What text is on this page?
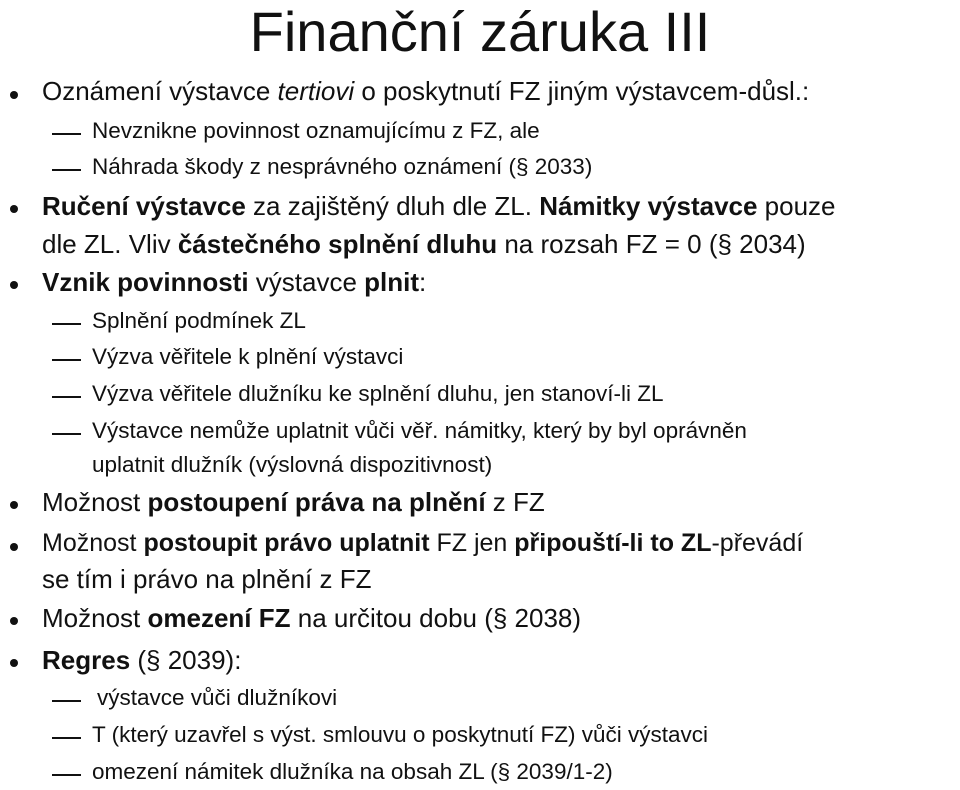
Finanční záruka III
Oznámení výstavce tertiovi o poskytnutí FZ jiným výstavcem-důsl.:
Nevznikne povinnost oznamujícímu z FZ, ale
Náhrada škody z nesprávného oznámení (§ 2033)
Ručení výstavce za zajištěný dluh dle ZL. Námitky výstavce pouze
dle ZL. Vliv částečného splnění dluhu na rozsah FZ = 0 (§ 2034)
Vznik povinnosti výstavce plnit:
Splnění podmínek ZL
Výzva věřitele k plnění výstavci
Výzva věřitele dlužníku ke splnění dluhu, jen stanoví-li ZL
Výstavce nemůže uplatnit vůči věř. námitky, který by byl oprávněn
uplatnit dlužník (výslovná dispozitivnost)
Možnost postoupení práva na plnění z FZ
Možnost postoupit právo uplatnit FZ jen připouští-li to ZL-převádí
se tím i právo na plnění z FZ
Možnost omezení FZ na určitou dobu (§ 2038)
Regres (§ 2039):
výstavce vůči dlužníkovi
T (který uzavřel s výst. smlouvu o poskytnutí FZ) vůči výstavci
omezení námitek dlužníka na obsah ZL (§ 2039/1-2)
